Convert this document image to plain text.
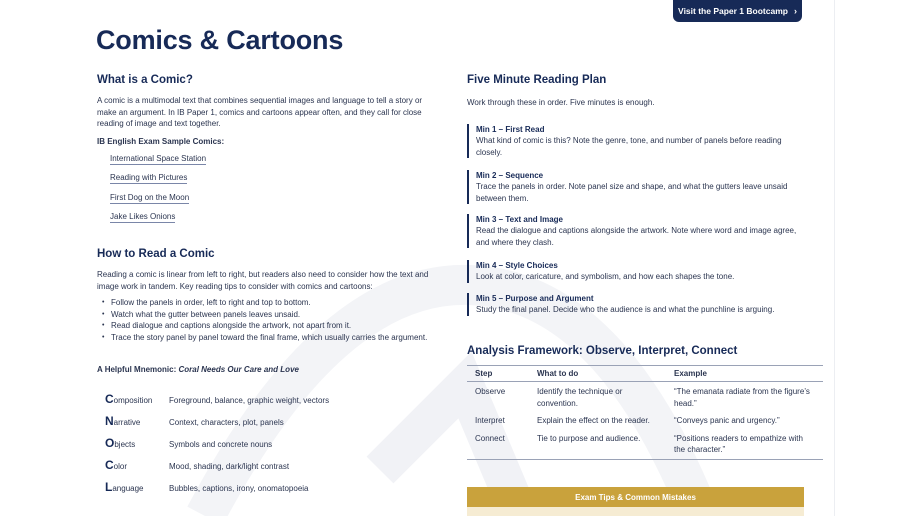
Visit the Paper 1 Bootcamp ›
Comics & Cartoons
What is a Comic?
A comic is a multimodal text that combines sequential images and language to tell a story or make an argument. In IB Paper 1, comics and cartoons appear often, and they call for close reading of image and text together.
IB English Exam Sample Comics:
International Space Station
Reading with Pictures
First Dog on the Moon
Jake Likes Onions
How to Read a Comic
Reading a comic is linear from left to right, but readers also need to consider how the text and image work in tandem. Key reading tips to consider with comics and cartoons:
• Follow the panels in order, left to right and top to bottom.
• Watch what the gutter between panels leaves unsaid.
• Read dialogue and captions alongside the artwork, not apart from it.
• Trace the story panel by panel toward the final frame, which usually carries the argument.
A Helpful Mnemonic: Coral Needs Our Care and Love
Composition	Foreground, balance, graphic weight, vectors
Narrative	Context, characters, plot, panels
Objects	Symbols and concrete nouns
Color	Mood, shading, dark/light contrast
Language	Bubbles, captions, irony, onomatopoeia
Five Minute Reading Plan
Work through these in order. Five minutes is enough.
Min 1 – First Read
What kind of comic is this? Note the genre, tone, and number of panels before reading closely.
Min 2 – Sequence
Trace the panels in order. Note panel size and shape, and what the gutters leave unsaid between them.
Min 3 – Text and Image
Read the dialogue and captions alongside the artwork. Note where word and image agree, and where they clash.
Min 4 – Style Choices
Look at color, caricature, and symbolism, and how each shapes the tone.
Min 5 – Purpose and Argument
Study the final panel. Decide who the audience is and what the punchline is arguing.
Analysis Framework: Observe, Interpret, Connect
Step	What to do	Example
Observe	Identify the technique or convention.	“The emanata radiate from the figure’s head.”
Interpret	Explain the effect on the reader.	“Conveys panic and urgency.”
Connect	Tie to purpose and audience.	“Positions readers to empathize with the character.”
Exam Tips & Common Mistakes
